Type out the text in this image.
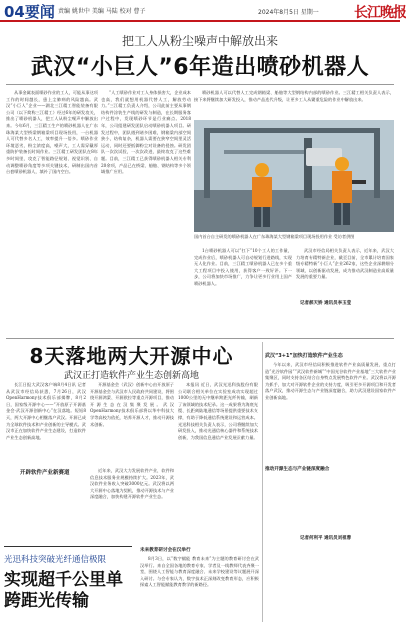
04要闻 责编 姚世中 美编 马陆 校对 曹子	2024年8月5日 星期一	长江晚报
把工人从粉尘噪声中解放出来
武汉“小巨人”6年造出喷砂机器人

从事金属表面喷砂作业的工人，可能从事这项工作的时间越长，患上尘肺病的风险越高。武汉“小巨人”企业——湖北三江精工智能装备有限公司（以下简称三江精工）经过6年的研发攻关，推出了喷砂机器人，把工人从粉尘噪声中解放出来。今年6月，三江精工生产的喷砂机器人在广东珠海某大型桥梁钢箱梁项目现场投用，一台机器人可代替多名人工，效率提升一倍多。喷砂作业环境恶劣，粉尘浓度高，噪声大，工人需穿戴厚重防护装备长时间作业。三江精工研发团队在8年多时间里，攻克了智能路径规划、视觉识别、自动调整喷砂角度等多项关键技术，研制出国内首台套喷砂机器人，填补了国内空白。

“人工喷砂作业对工人身体损害大，企业成本也高，我们就想用机器代替人工，解放劳动力。”三江精工负责人介绍，公司此前主要从事钢结构件涂装生产线的研发与制造，在长期服务客户过程中，发现喷砂环节是行业痛点。2018年，公司组建研发团队启动喷砂机器人项目。研发过程中，团队遇到诸多困难，钢箱梁内部空间狭小，结构复杂，机器人需要在狭窄空间里灵活运动，同时还要抵御粉尘对设备的侵蚀。研发团队一次次试验，一次次改进，最终攻克了这些难题。目前，三江精工已获得喷砂机器人相关专利20余项，产品已在桥梁、船舶、钢结构等多个领域推广应用。

喷砂机器人可以代替人工完成钢箱梁、船舶等大型钢结构内部的喷砂作业。三江精工相关负责人表示，接下来将继续加大研发投入，推动产品迭代升级，让更多工人从繁重危险的作业中解放出来。

国内首台自主研发的喷砂机器人在广东珠海某大型钢箱梁项目现场投用作业 受访者供图

1台喷砂机器人可以“扛下”10个工人的工作量，完成作业后，喷砂机器人可自动规划行进路线，实现无人化作业。目前，三江精工喷砂机器人已在多个重大工程项目中投入使用，获得客户一致好评。下一步，公司将加快市场推广，力争让更多行业用上国产喷砂机器人。

武汉市经信局相关负责人表示，近年来，武汉大力培育专精特新企业，截至目前，全市累计培育国家级专精特新“小巨人”企业262家，这些企业深耕细分领域，以创新驱动发展，成为推动武汉制造业高质量发展的重要力量。

记者郝天娇 通讯员李玉莹
8天落地两大开源中心
武汉正打造软件产业生态创新高地

长江日报大武汉客户端8月4日讯 记者从武汉市经信局获悉，7月26日，武汉OpenHarmony技术俱乐部揭牌，8月2日，国家级开源中心——“开放原子开源基金会·武汉开源创新中心”在汉落地。短短8天，两大开源中心相继落户武汉。开源已成为全球软件技术和产业创新的主导模式。武汉市正在加快软件产业生态建设，打造软件产业生态创新高地。

开源基金会（武汉）创新中心由开放原子开源基金会与武汉市人民政府共同建设，将围绕开源鸿蒙、开源欧拉等重点开源项目，推动开源生态在汉集聚发展。武汉OpenHarmony技术俱乐部将以华中科技大学等高校为依托，培养开源人才，推动开源技术创新。

开辟软件产业新赛道	近年来，武汉大力发展软件产业，软件和信息技术服务业规模持续扩大。2023年，武汉软件业务收入突破3000亿元。武汉将以两大开源中心落地为契机，推动开源技术与产业深度融合，加快构建开源软件产业生态。

本报讯 近日，武汉光迅科技股份有限公司联合相关单位在实验室成功实现超过1000公里的无中继单跨距光纤传输，刷新了该领域的技术纪录。这一成果将为海底光缆、长距离陆地通信等场景提供重要技术支撑，有助于降低通信系统建设和运营成本。光迅科技相关负责人表示，公司将继续加大研发投入，推动光通信核心器件和系统技术创新，为我国信息通信产业发展贡献力量。

武汉“3+1”加快打造软件产业生态

今年以来，武汉市经信局积极推进软件产业高质量发展，重点打造“光谷软件园”“武汉软件新城”“中国光谷软件产业基地”三大软件产业集聚区，同时支持各区结合自身特点发展特色软件产业。武汉将以开源为抓手，加大对开源软件企业的支持力度，吸引更多开源项目和开发者落户武汉，推动开源生态与产业链深度融合，助力武汉建设国家软件产业创新高地。

推动开源生态与产业链深度融合
记者何利平 通讯员刘祖蓉
光迅科技突破光纤通信极限
实现超千公里单跨距光传输
未来教育研讨会在汉举行

8月3日，以“数字赋能 教育未来”为主题的教育研讨会在武汉举行。来自全国各地的教育专家、学者及一线教师代表齐聚一堂，围绕人工智能与教育深度融合、未来学校建设等议题展开深入研讨。与会专家认为，数字技术正深刻改变教育形态，应积极探索人工智能赋能教育教学的新路径。
